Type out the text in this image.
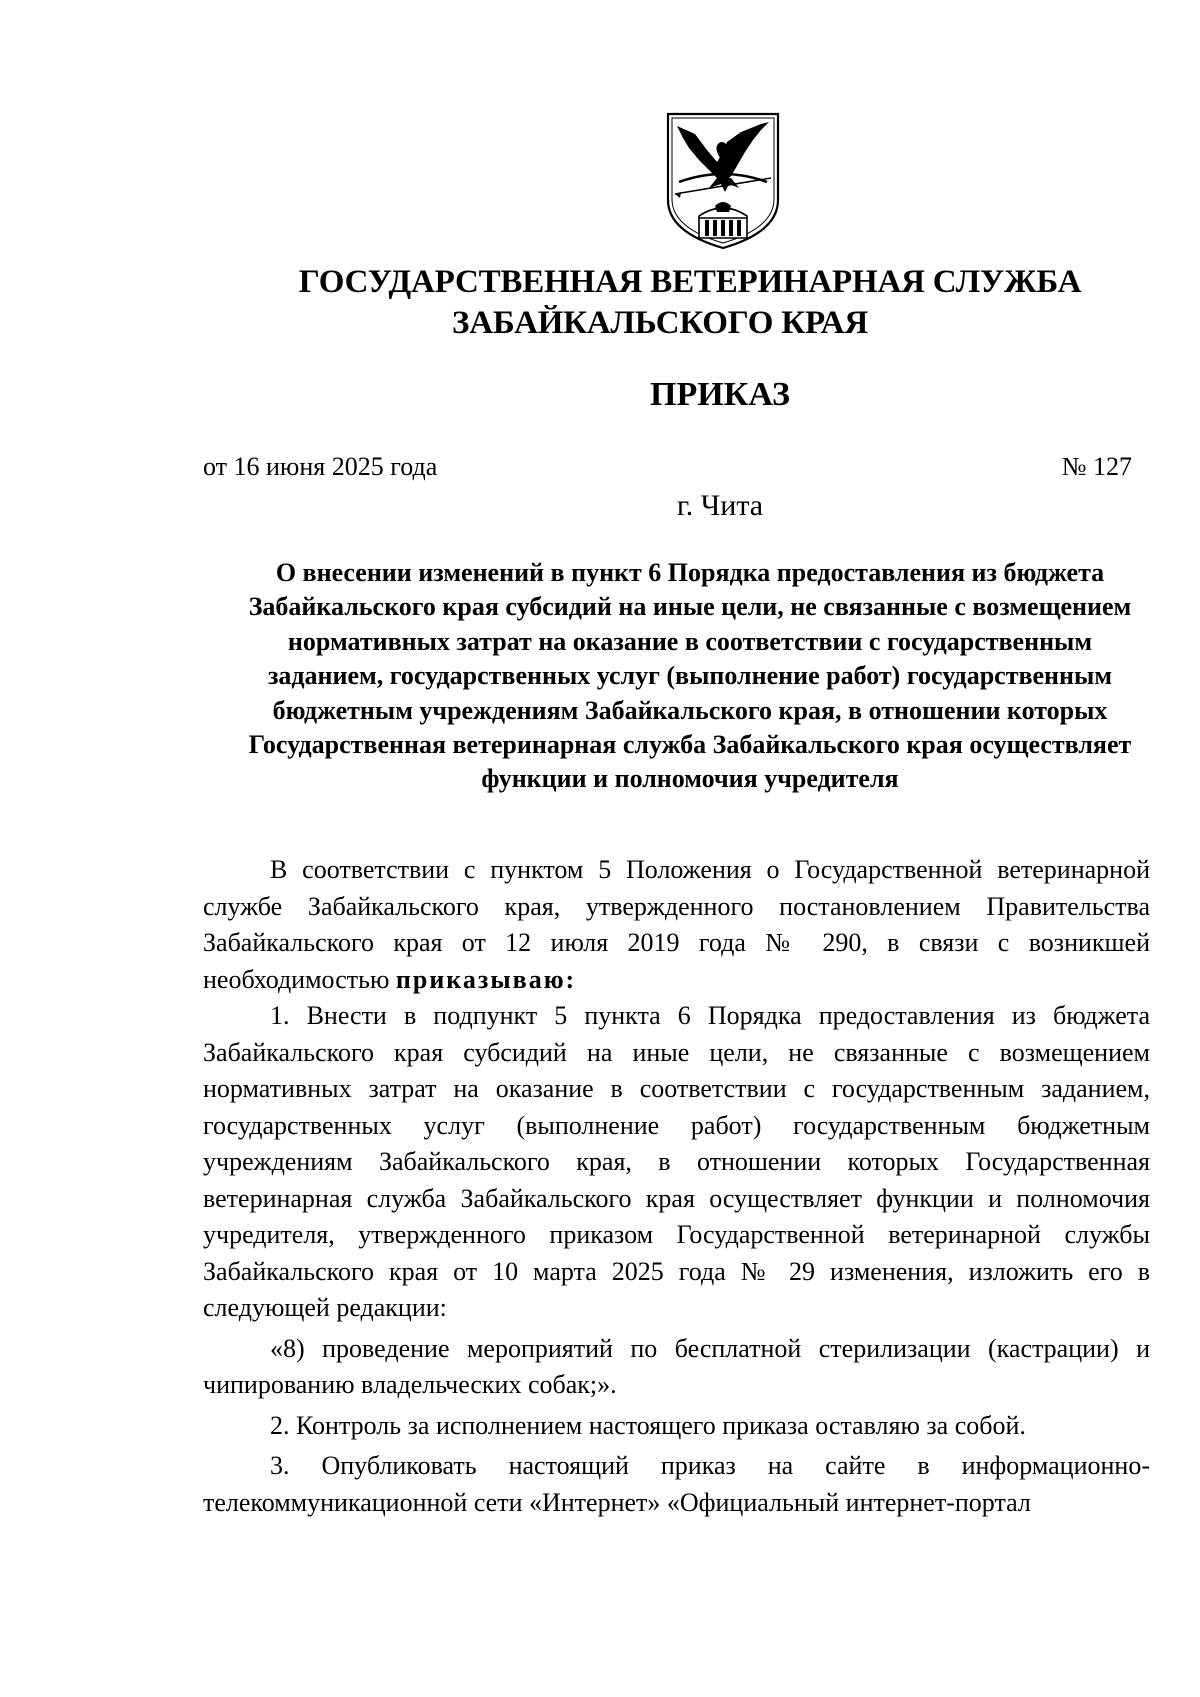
ГОСУДАРСТВЕННАЯ ВЕТЕРИНАРНАЯ СЛУЖБА
ЗАБАЙКАЛЬСКОГО КРАЯ
ПРИКАЗ
от 16 июня 2025 года	№ 127
г. Чита
О внесении изменений в пункт 6 Порядка предоставления из бюджета Забайкальского края субсидий на иные цели, не связанные с возмещением нормативных затрат на оказание в соответствии с государственным заданием, государственных услуг (выполнение работ) государственным бюджетным учреждениям Забайкальского края, в отношении которых Государственная ветеринарная служба Забайкальского края осуществляет функции и полномочия учредителя

В соответствии с пунктом 5 Положения о Государственной ветеринарной службе Забайкальского края, утвержденного постановлением Правительства Забайкальского края от 12 июля 2019 года № 290, в связи с возникшей необходимостью приказываю:

1. Внести в подпункт 5 пункта 6 Порядка предоставления из бюджета Забайкальского края субсидий на иные цели, не связанные с возмещением нормативных затрат на оказание в соответствии с государственным заданием, государственных услуг (выполнение работ) государственным бюджетным учреждениям Забайкальского края, в отношении которых Государственная ветеринарная служба Забайкальского края осуществляет функции и полномочия учредителя, утвержденного приказом Государственной ветеринарной службы Забайкальского края от 10 марта 2025 года № 29 изменения, изложить его в следующей редакции:

«8) проведение мероприятий по бесплатной стерилизации (кастрации) и чипированию владельческих собак;».

2. Контроль за исполнением настоящего приказа оставляю за собой.

3. Опубликовать настоящий приказ на сайте в информационно-телекоммуникационной сети «Интернет» «Официальный интернет-портал
